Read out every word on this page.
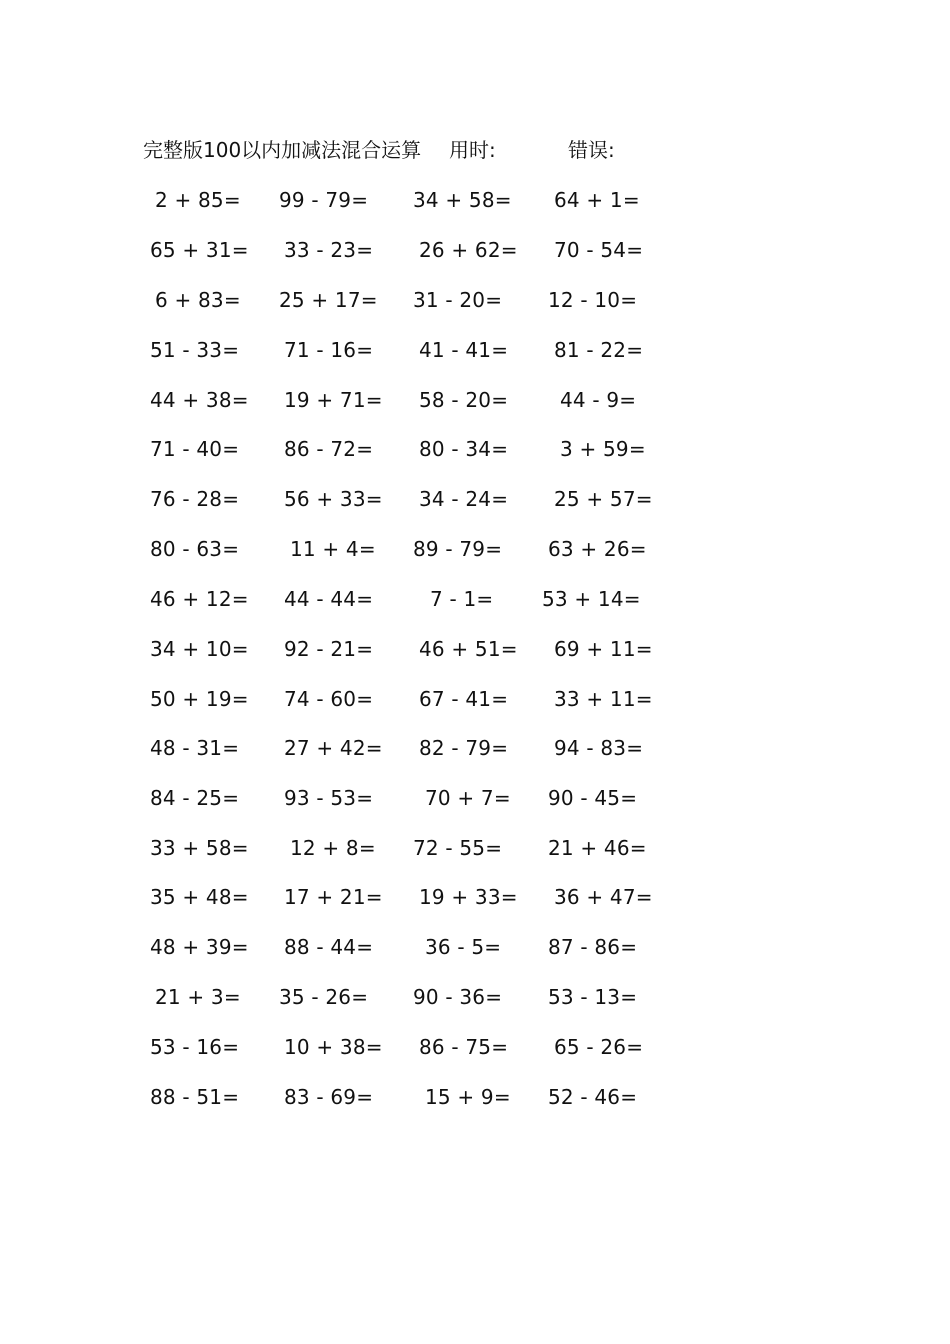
完整版100以内加减法混合运算 用时:	错误:
2 + 85= 99 - 79= 34 + 58= 64 + 1=
65 + 31= 33 - 23= 26 + 62= 70 - 54=
6 + 83= 25 + 17= 31 - 20= 12 - 10=
51 - 33= 71 - 16= 41 - 41= 81 - 22=
44 + 38= 19 + 71= 58 - 20=	44 - 9=
71 - 40= 86 - 72= 80 - 34=	3 + 59=
76 - 28= 56 + 33= 34 - 24= 25 + 57=
80 - 63=	11 + 4= 89 - 79= 63 + 26=
46 + 12= 44 - 44=	7 - 1= 53 + 14=
34 + 10= 92 - 21= 46 + 51= 69 + 11=
50 + 19= 74 - 60= 67 - 41= 33 + 11=
48 - 31= 27 + 42= 82 - 79= 94 - 83=
84 - 25= 93 - 53=	70 + 7= 90 - 45=
33 + 58= 12 + 8= 72 - 55= 21 + 46=
35 + 48= 17 + 21= 19 + 33= 36 + 47=
48 + 39= 88 - 44=	36 - 5= 87 - 86=
21 + 3= 35 - 26= 90 - 36= 53 - 13=
53 - 16= 10 + 38= 86 - 75= 65 - 26=
88 - 51= 83 - 69=	15 + 9= 52 - 46=
